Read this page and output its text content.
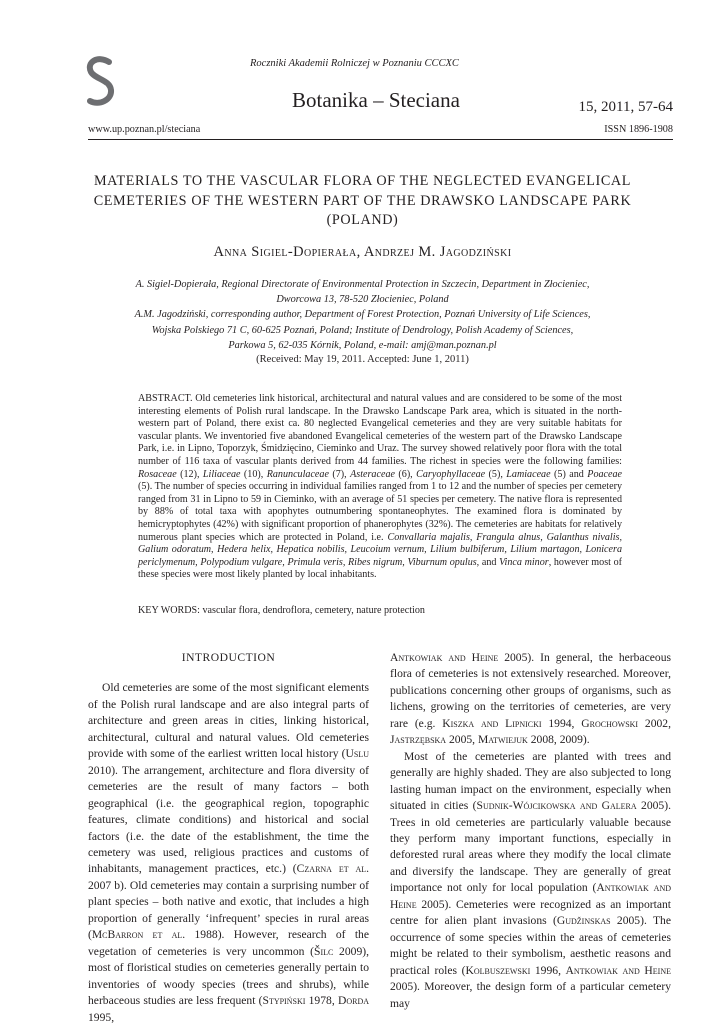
Roczniki Akademii Rolniczej w Poznaniu CCCXC
Botanika – Steciana	15, 2011, 57-64
www.up.poznan.pl/steciana	ISSN 1896-1908
MATERIALS TO THE VASCULAR FLORA OF THE NEGLECTED EVANGELICAL
CEMETERIES OF THE WESTERN PART OF THE DRAWSKO LANDSCAPE PARK
(POLAND)
Anna Sigiel-Dopierała, Andrzej M. Jagodziński
A. Sigiel-Dopierała, Regional Directorate of Environmental Protection in Szczecin, Department in Złocieniec,
Dworcowa 13, 78-520 Złocieniec, Poland
A.M. Jagodziński, corresponding author, Department of Forest Protection, Poznań University of Life Sciences,
Wojska Polskiego 71 C, 60-625 Poznań, Poland; Institute of Dendrology, Polish Academy of Sciences,
Parkowa 5, 62-035 Kórnik, Poland, e-mail: amj@man.poznan.pl
(Received: May 19, 2011. Accepted: June 1, 2011)
ABSTRACT. Old cemeteries link historical, architectural and natural values and are considered to be some of the most interesting elements of Polish rural landscape. In the Drawsko Landscape Park area, which is situated in the north-western part of Poland, there exist ca. 80 neglected Evangelical cemeteries and they are very suitable habitats for vascular plants. We inventoried five abandoned Evangelical cemeteries of the western part of the Drawsko Landscape Park, i.e. in Lipno, Toporzyk, Śmidzięcino, Cieminko and Uraz. The survey showed relatively poor flora with the total number of 116 taxa of vascular plants derived from 44 families. The richest in species were the following families: Rosaceae (12), Liliaceae (10), Ranunculaceae (7), Asteraceae (6), Caryophyllaceae (5), Lamiaceae (5) and Poaceae (5). The number of species occurring in individual families ranged from 1 to 12 and the number of species per cemetery ranged from 31 in Lipno to 59 in Cieminko, with an average of 51 species per cemetery. The native flora is represented by 88% of total taxa with apophytes outnumbering spontaneophytes. The examined flora is dominated by hemicryptophytes (42%) with significant proportion of phanerophytes (32%). The cemeteries are habitats for relatively numerous plant species which are protected in Poland, i.e. Convallaria majalis, Frangula alnus, Galanthus nivalis, Galium odoratum, Hedera helix, Hepatica nobilis, Leucoium vernum, Lilium bulbiferum, Lilium martagon, Lonicera periclymenum, Polypodium vulgare, Primula veris, Ribes nigrum, Viburnum opulus, and Vinca minor, however most of these species were most likely planted by local inhabitants.
KEY WORDS: vascular flora, dendroflora, cemetery, nature protection
INTRODUCTION

Old cemeteries are some of the most significant elements of the Polish rural landscape and are also integral parts of architecture and green areas in cities, linking historical, architectural, cultural and natural values. Old cemeteries provide with some of the earliest written local history (Uslu 2010). The arrangement, architecture and flora diversity of cemeteries are the result of many factors – both geographical (i.e. the geographical region, topographic features, climate conditions) and historical and social factors (i.e. the date of the establishment, the time the cemetery was used, religious practices and customs of inhabitants, management practices, etc.) (Czarna et al. 2007 b). Old cemeteries may contain a surprising number of plant species – both native and exotic, that includes a high proportion of generally ‘infrequent’ species in rural areas (McBarron et al. 1988). However, research of the vegetation of cemeteries is very uncommon (Šilc 2009), most of floristical studies on cemeteries generally pertain to inventories of woody species (trees and shrubs), while herbaceous studies are less frequent (Stypiński 1978, Dorda 1995,

Antkowiak and Heine 2005). In general, the herbaceous flora of cemeteries is not extensively researched. Moreover, publications concerning other groups of organisms, such as lichens, growing on the territories of cemeteries, are very rare (e.g. Kiszka and Lipnicki 1994, Grochowski 2002, Jastrzębska 2005, Matwiejuk 2008, 2009).

Most of the cemeteries are planted with trees and generally are highly shaded. They are also subjected to long lasting human impact on the environment, especially when situated in cities (Sudnik-Wójcikowska and Galera 2005). Trees in old cemeteries are particularly valuable because they perform many important functions, especially in deforested rural areas where they modify the local climate and diversify the landscape. They are generally of great importance not only for local population (Antkowiak and Heine 2005). Cemeteries were recognized as an important centre for alien plant invasions (Gudžinskas 2005). The occurrence of some species within the areas of cemeteries might be related to their symbolism, aesthetic reasons and practical roles (Kolbuszewski 1996, Antkowiak and Heine 2005). Moreover, the design form of a particular cemetery may
